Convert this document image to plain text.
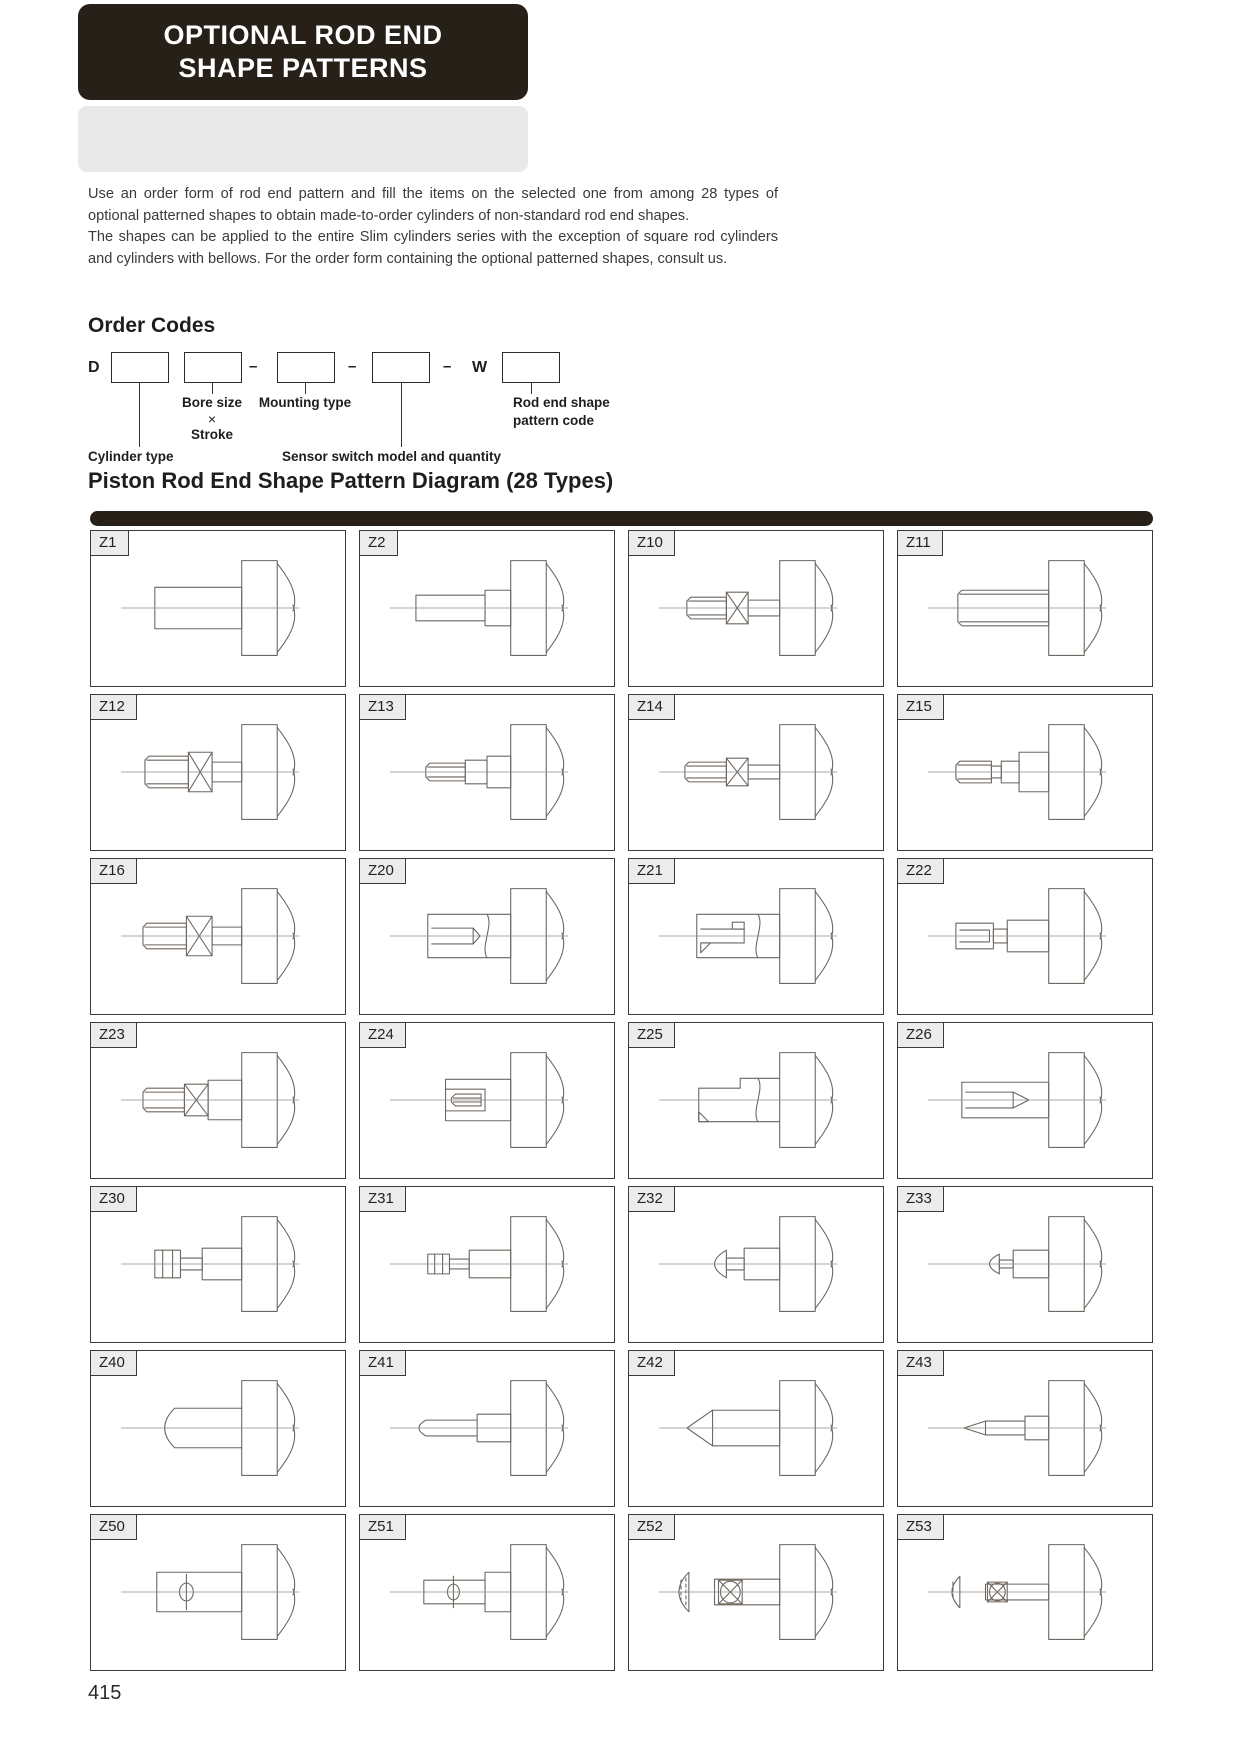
OPTIONAL ROD END
SHAPE PATTERNS

Use an order form of rod end pattern and fill the items on the selected one from among 28 types of optional patterned shapes to obtain made-to-order cylinders of non-standard rod end shapes.

The shapes can be applied to the entire Slim cylinders series with the exception of square rod cylinders and cylinders with bellows. For the order form containing the optional patterned shapes, consult us.

Order Codes
D	–	–	– W
Bore size
×
Stroke
Mounting type	Rod end shape
pattern code
Cylinder type	Sensor switch model and quantity
Piston Rod End Shape Pattern Diagram (28 Types)
Z1	Z2	Z10	Z11
Z12	Z13	Z14	Z15
Z16	Z20	Z21	Z22
Z23	Z24	Z25	Z26
Z30	Z31	Z32	Z33
Z40	Z41	Z42	Z43
Z50	Z51	Z52	Z53
415
